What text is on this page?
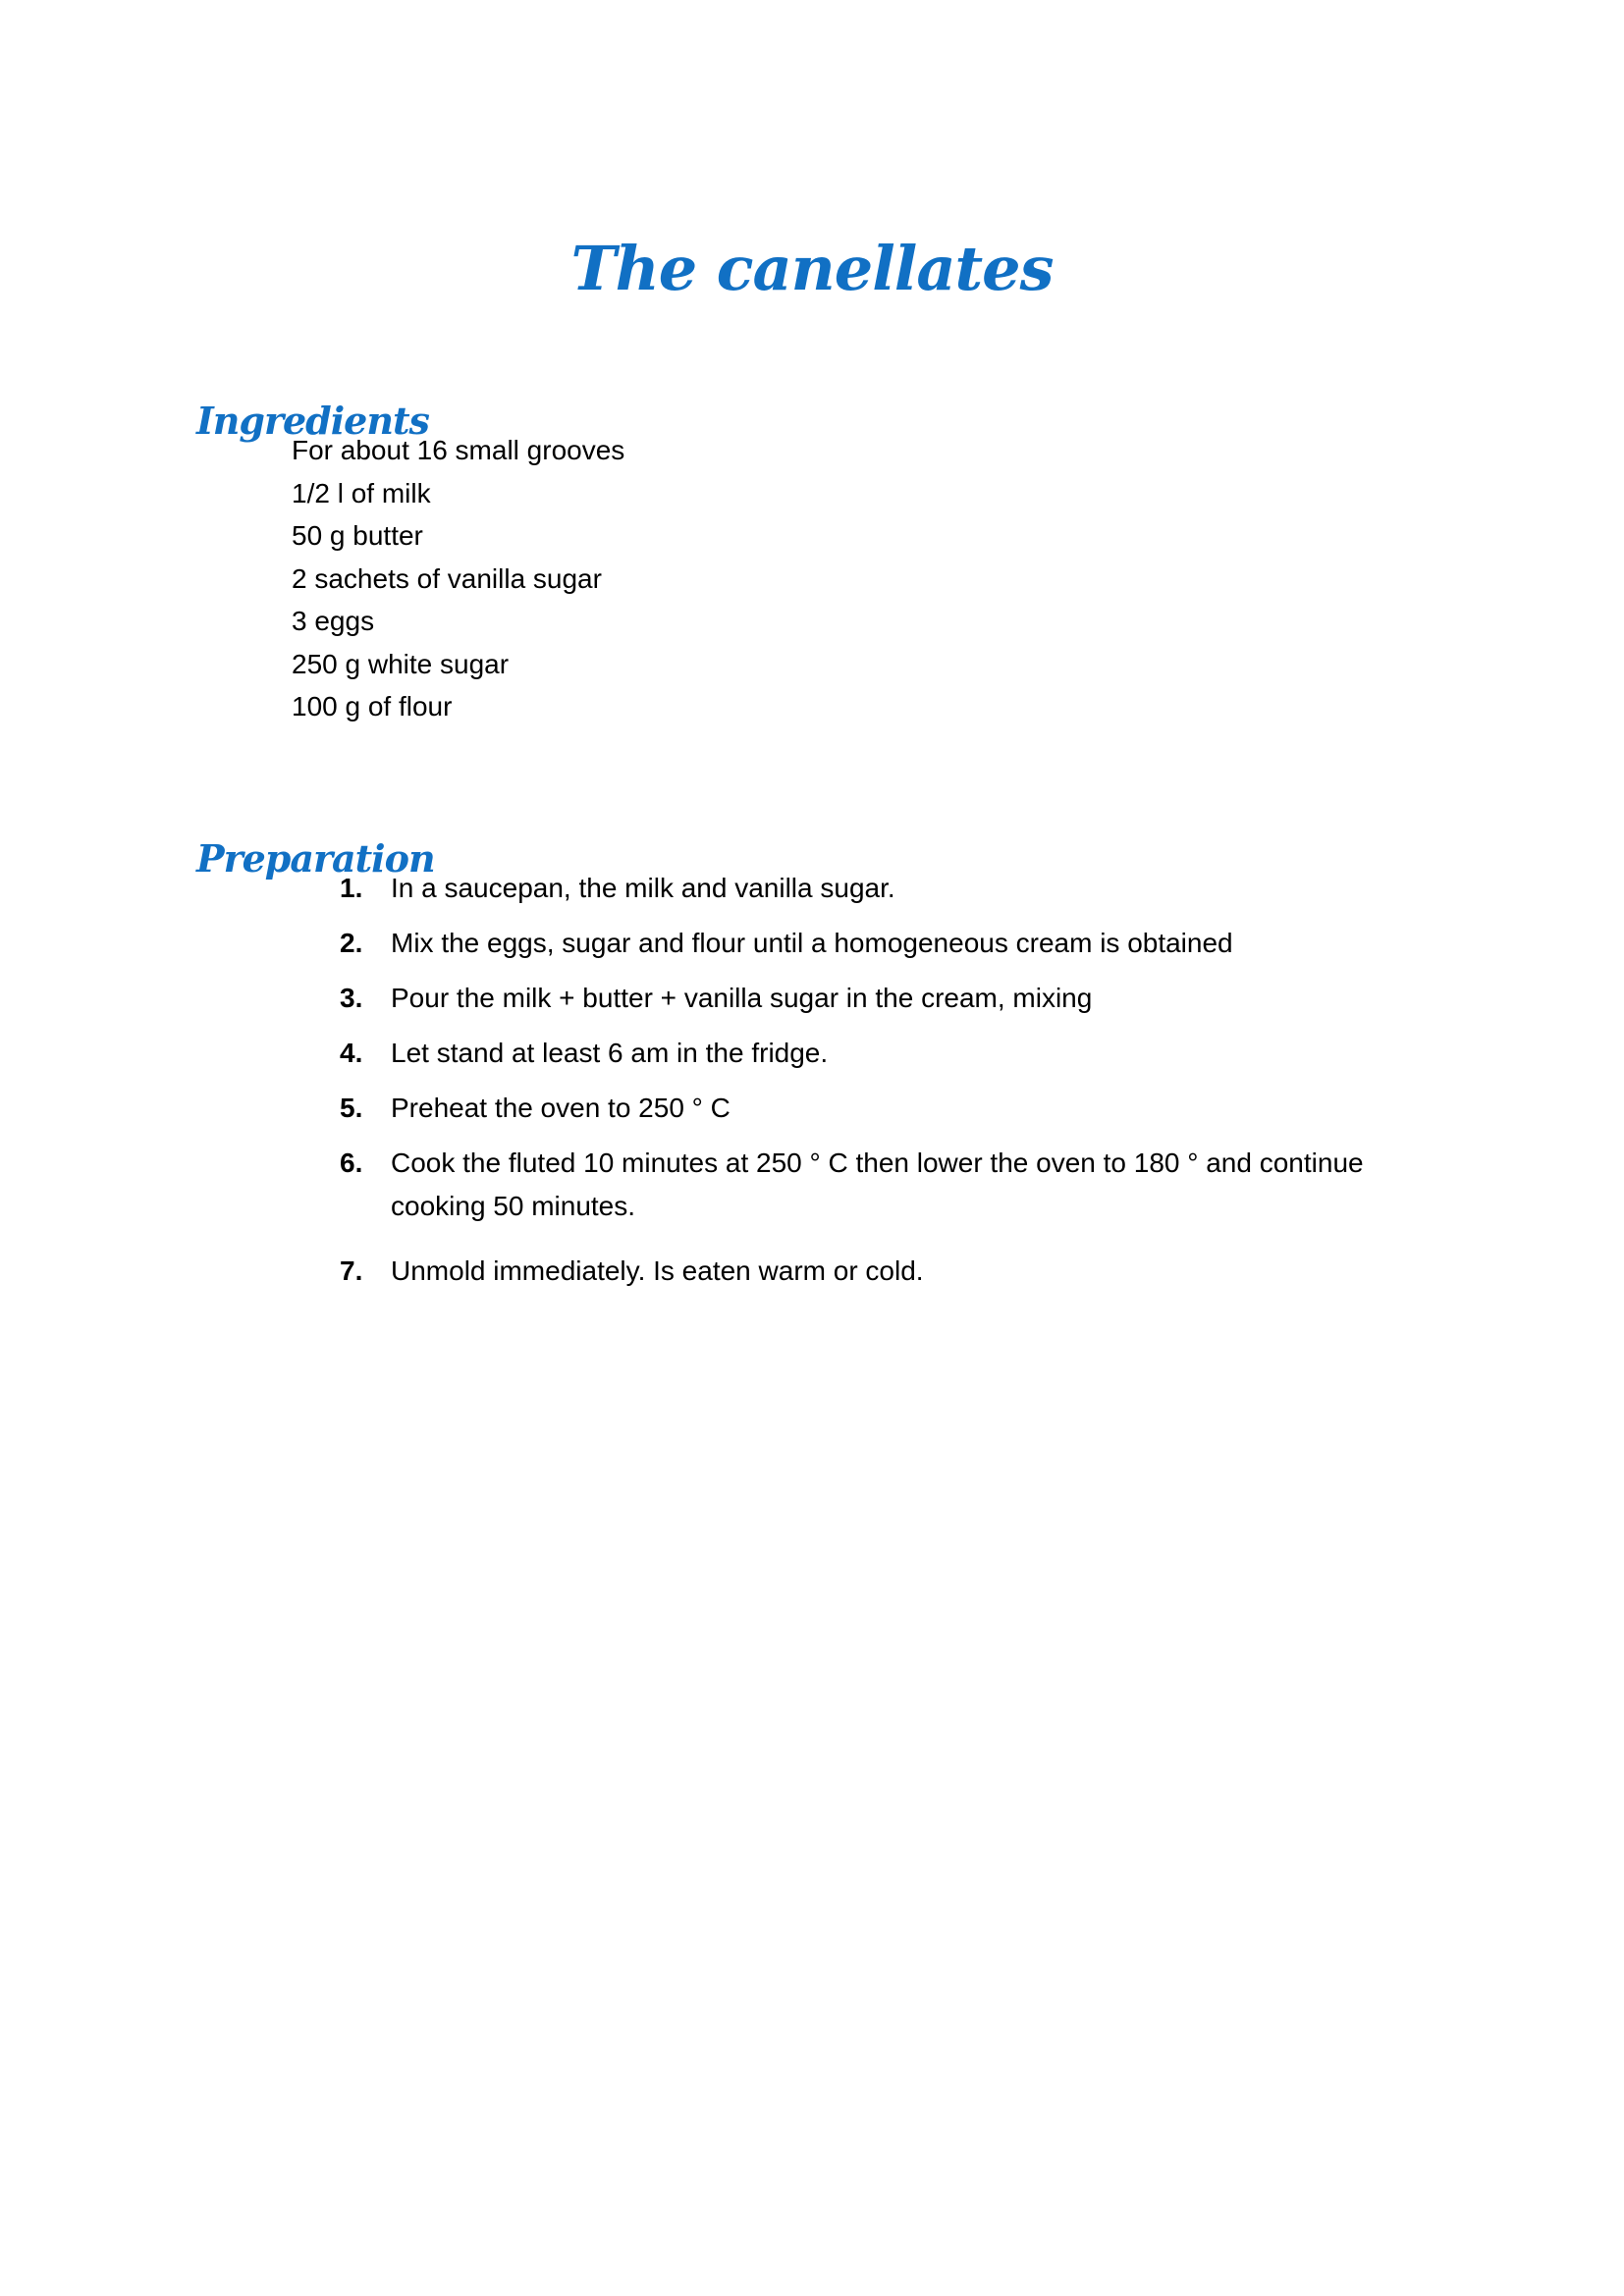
The canellates
Ingredients
For about 16 small grooves
1/2 l of milk
50 g butter
2 sachets of vanilla sugar
3 eggs
250 g white sugar
100 g of flour
Preparation
1.	In a saucepan, the milk and vanilla sugar.
2.	Mix the eggs, sugar and flour until a homogeneous cream is obtained
3.	Pour the milk + butter + vanilla sugar in the cream, mixing
4.	Let stand at least 6 am in the fridge.
5.	Preheat the oven to 250 ° C
6.	Cook the fluted 10 minutes at 250 ° C then lower the oven to 180 ° and continue cooking 50 minutes.
7.	Unmold immediately. Is eaten warm or cold.
